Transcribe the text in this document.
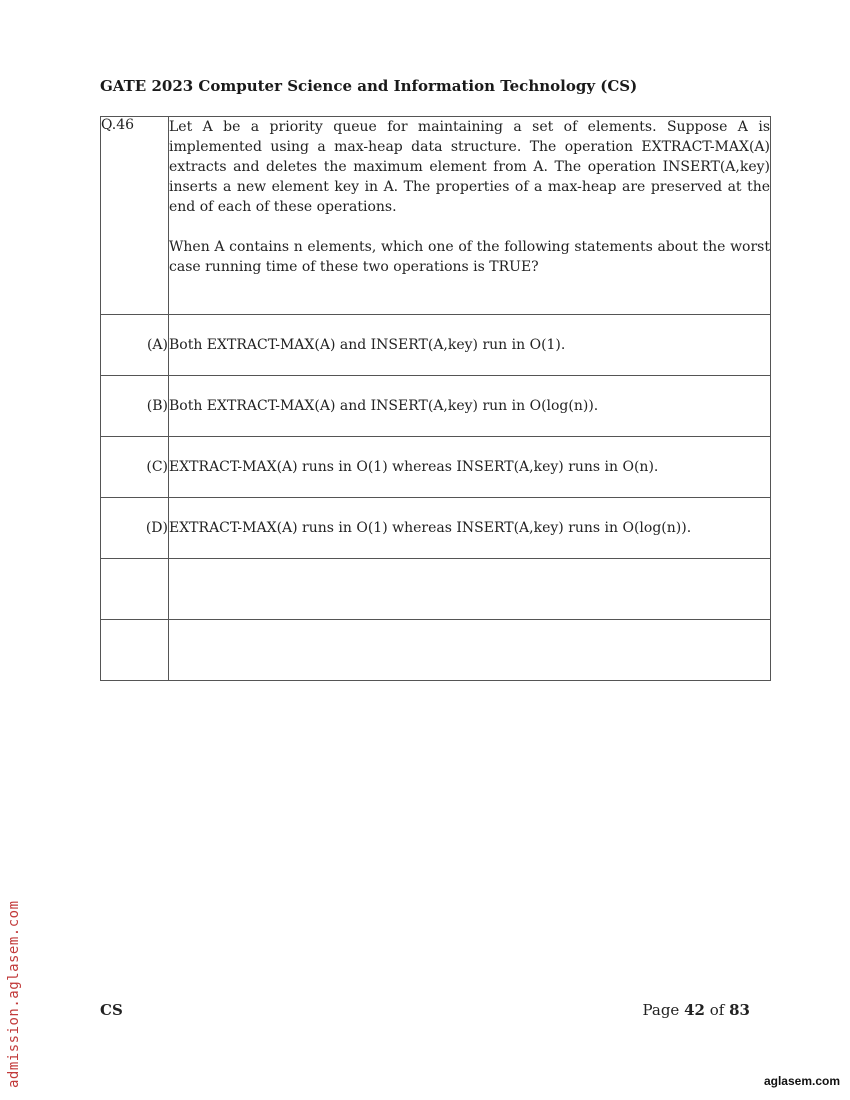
GATE 2023 Computer Science and Information Technology (CS)
Q.46	Let A be a priority queue for maintaining a set of elements. Suppose A is implemented using a max-heap data structure. The operation EXTRACT-MAX(A) extracts and deletes the maximum element from A. The operation INSERT(A,key) inserts a new element key in A. The properties of a max-heap are preserved at the end of each of these operations.

When A contains n elements, which one of the following statements about the worst case running time of these two operations is TRUE?

(A)	Both EXTRACT-MAX(A) and INSERT(A,key) run in O(1).
(B)	Both EXTRACT-MAX(A) and INSERT(A,key) run in O(log(n)).
(C)	EXTRACT-MAX(A) runs in O(1) whereas INSERT(A,key) runs in O(n).
(D)	EXTRACT-MAX(A) runs in O(1) whereas INSERT(A,key) runs in O(log(n)).

CS	Page 42 of 83
admission.aglasem.com	aglasem.com
